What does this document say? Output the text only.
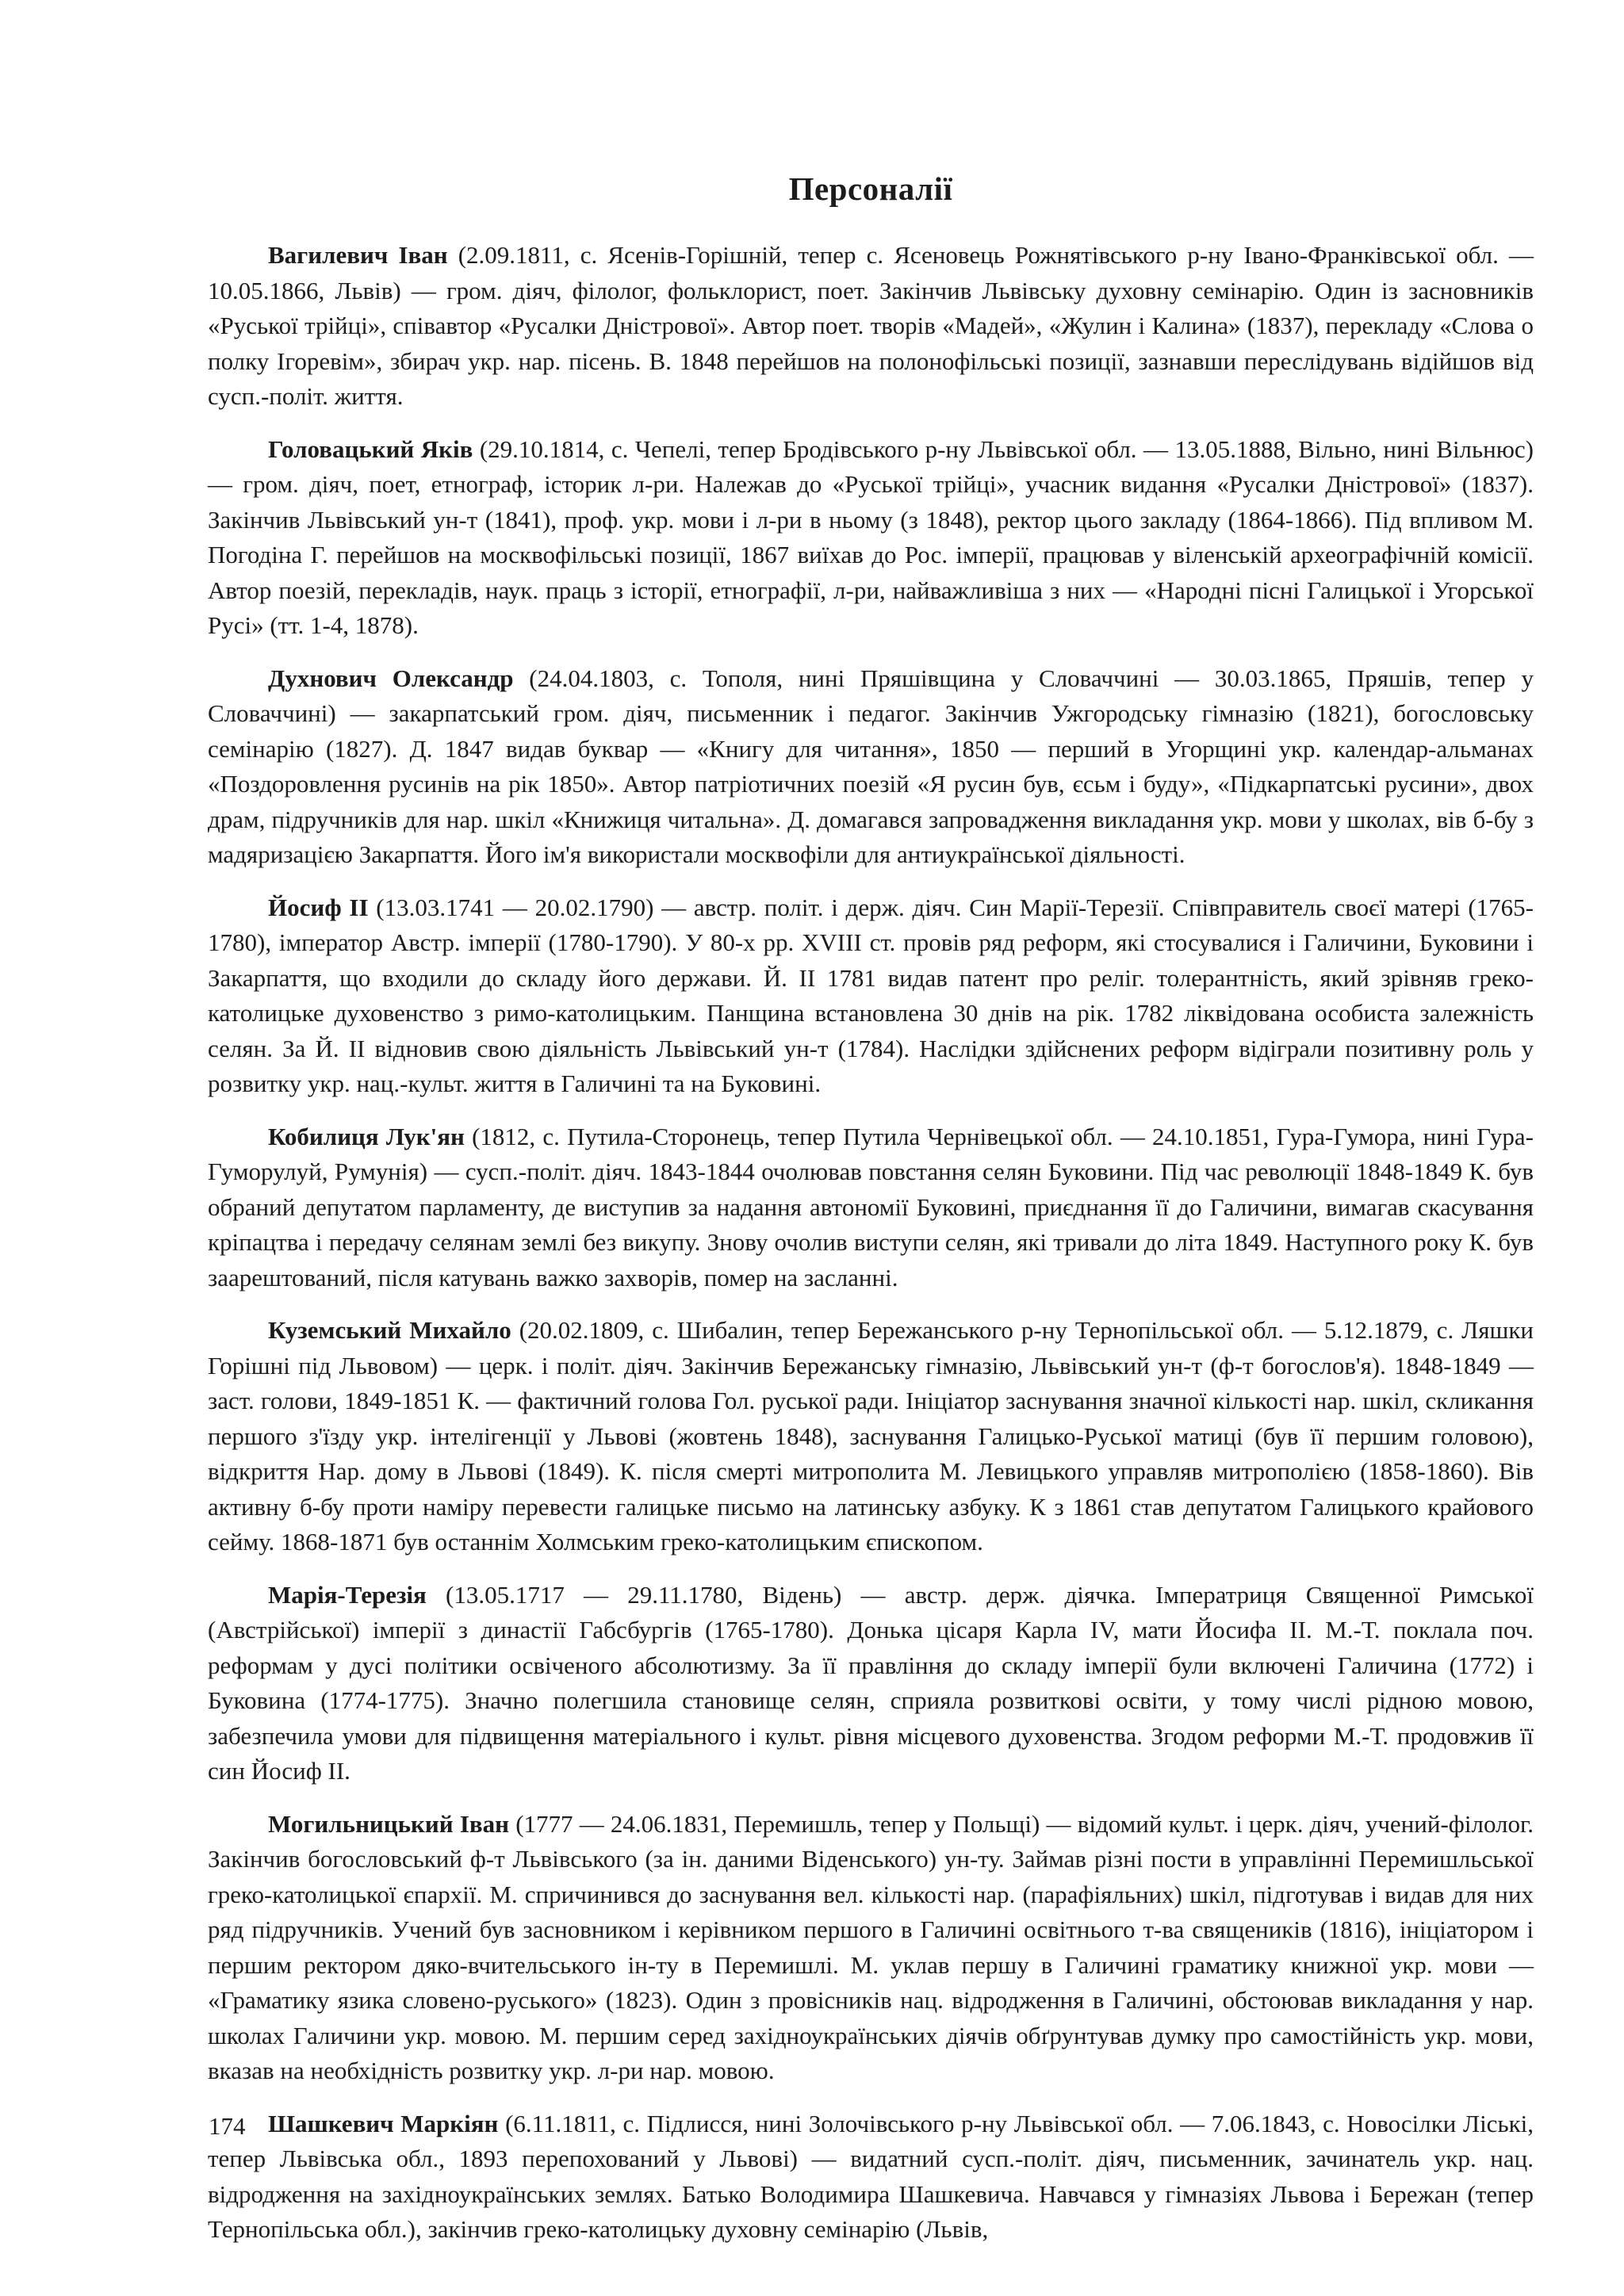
Персоналії

Вагилевич Іван (2.09.1811, с. Ясенів-Горішній, тепер с. Ясеновець Рожнятівського р-ну Івано-Франківської обл. — 10.05.1866, Львів) — гром. діяч, філолог, фольклорист, поет. Закінчив Львівську духовну семінарію. Один із засновників «Руської трійці», співавтор «Русалки Дністрової». Автор поет. творів «Мадей», «Жулин і Калина» (1837), перекладу «Слова о полку Ігоревім», збирач укр. нар. пісень. В. 1848 перейшов на полонофільські позиції, зазнавши переслідувань відійшов від сусп.-політ. життя.

Головацький Яків (29.10.1814, с. Чепелі, тепер Бродівського р-ну Львівської обл. — 13.05.1888, Вільно, нині Вільнюс) — гром. діяч, поет, етнограф, історик л-ри. Належав до «Руської трійці», учасник видання «Русалки Дністрової» (1837). Закінчив Львівський ун-т (1841), проф. укр. мови і л-ри в ньому (з 1848), ректор цього закладу (1864-1866). Під впливом М. Погодіна Г. перейшов на москвофільські позиції, 1867 виїхав до Рос. імперії, працював у віленській археографічній комісії. Автор поезій, перекладів, наук. праць з історії, етнографії, л-ри, найважливіша з них — «Народні пісні Галицької і Угорської Русі» (тт. 1-4, 1878).

Духнович Олександр (24.04.1803, с. Тополя, нині Пряшівщина у Словаччині — 30.03.1865, Пряшів, тепер у Словаччині) — закарпатський гром. діяч, письменник і педагог. Закінчив Ужгородську гімназію (1821), богословську семінарію (1827). Д. 1847 видав буквар — «Книгу для читання», 1850 — перший в Угорщині укр. календар-альманах «Поздоровлення русинів на рік 1850». Автор патріотичних поезій «Я русин був, єсьм і буду», «Підкарпатські русини», двох драм, підручників для нар. шкіл «Книжиця читальна». Д. домагався запровадження викладання укр. мови у школах, вів б-бу з мадяризацією Закарпаття. Його ім'я використали москвофіли для антиукраїнської діяльності.

Йосиф II (13.03.1741 — 20.02.1790) — австр. політ. і держ. діяч. Син Марії-Терезії. Співправитель своєї матері (1765-1780), імператор Австр. імперії (1780-1790). У 80-х рр. XVIII ст. провів ряд реформ, які стосувалися і Галичини, Буковини і Закарпаття, що входили до складу його держави. Й. II 1781 видав патент про реліг. толерантність, який зрівняв греко-католицьке духовенство з римо-католицьким. Панщина встановлена 30 днів на рік. 1782 ліквідована особиста залежність селян. За Й. II відновив свою діяльність Львівський ун-т (1784). Наслідки здійснених реформ відіграли позитивну роль у розвитку укр. нац.-культ. життя в Галичині та на Буковині.

Кобилиця Лук'ян (1812, с. Путила-Сторонець, тепер Путила Чернівецької обл. — 24.10.1851, Гура-Гумора, нині Гура-Гуморулуй, Румунія) — сусп.-політ. діяч. 1843-1844 очолював повстання селян Буковини. Під час революції 1848-1849 К. був обраний депутатом парламенту, де виступив за надання автономії Буковині, приєднання її до Галичини, вимагав скасування кріпацтва і передачу селянам землі без викупу. Знову очолив виступи селян, які тривали до літа 1849. Наступного року К. був заарештований, після катувань важко захворів, помер на засланні.

Куземський Михайло (20.02.1809, с. Шибалин, тепер Бережанського р-ну Тернопільської обл. — 5.12.1879, с. Ляшки Горішні під Львовом) — церк. і політ. діяч. Закінчив Бережанську гімназію, Львівський ун-т (ф-т богослов'я). 1848-1849 — заст. голови, 1849-1851 К. — фактичний голова Гол. руської ради. Ініціатор заснування значної кількості нар. шкіл, скликання першого з'їзду укр. інтелігенції у Львові (жовтень 1848), заснування Галицько-Руської матиці (був її першим головою), відкриття Нар. дому в Львові (1849). К. після смерті митрополита М. Левицького управляв митрополією (1858-1860). Вів активну б-бу проти наміру перевести галицьке письмо на латинську азбуку. К з 1861 став депутатом Галицького крайового сейму. 1868-1871 був останнім Холмським греко-католицьким єпископом.

Марія-Терезія (13.05.1717 — 29.11.1780, Відень) — австр. держ. діячка. Імператриця Священної Римської (Австрійської) імперії з династії Габсбургів (1765-1780). Донька цісаря Карла IV, мати Йосифа II. М.-Т. поклала поч. реформам у дусі політики освіченого абсолютизму. За її правління до складу імперії були включені Галичина (1772) і Буковина (1774-1775). Значно полегшила становище селян, сприяла розвиткові освіти, у тому числі рідною мовою, забезпечила умови для підвищення матеріального і культ. рівня місцевого духовенства. Згодом реформи М.-Т. продовжив її син Йосиф II.

Могильницький Іван (1777 — 24.06.1831, Перемишль, тепер у Польщі) — відомий культ. і церк. діяч, учений-філолог. Закінчив богословський ф-т Львівського (за ін. даними Віденського) ун-ту. Займав різні пости в управлінні Перемишльської греко-католицької єпархії. М. спричинився до заснування вел. кількості нар. (парафіяльних) шкіл, підготував і видав для них ряд підручників. Учений був засновником і керівником першого в Галичині освітнього т-ва священиків (1816), ініціатором і першим ректором дяко-вчительського ін-ту в Перемишлі. М. уклав першу в Галичині граматику книжної укр. мови — «Граматику язика словено-руського» (1823). Один з провісників нац. відродження в Галичині, обстоював викладання у нар. школах Галичини укр. мовою. М. першим серед західноукраїнських діячів обґрунтував думку про самостійність укр. мови, вказав на необхідність розвитку укр. л-ри нар. мовою.

Шашкевич Маркіян (6.11.1811, с. Підлисся, нині Золочівського р-ну Львівської обл. — 7.06.1843, с. Новосілки Ліські, тепер Львівська обл., 1893 перепохований у Львові) — видатний сусп.-політ. діяч, письменник, зачинатель укр. нац. відродження на західноукраїнських землях. Батько Володимира Шашкевича. Навчався у гімназіях Львова і Бережан (тепер Тернопільська обл.), закінчив греко-католицьку духовну семінарію (Львів,

174
